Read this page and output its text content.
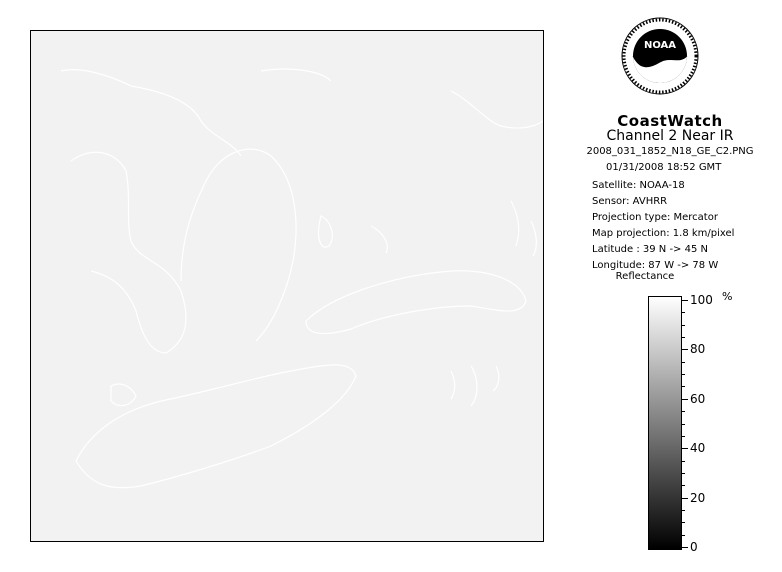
NOAA
CoastWatch
Channel 2 Near IR
2008_031_1852_N18_GE_C2.PNG
01/31/2008 18:52 GMT
Satellite: NOAA-18
Sensor: AVHRR
Projection type: Mercator
Map projection: 1.8 km/pixel
Latitude : 39 N -> 45 N
Longitude: 87 W -> 78 W
Reflectance
%
100
80
60
40
20
0
